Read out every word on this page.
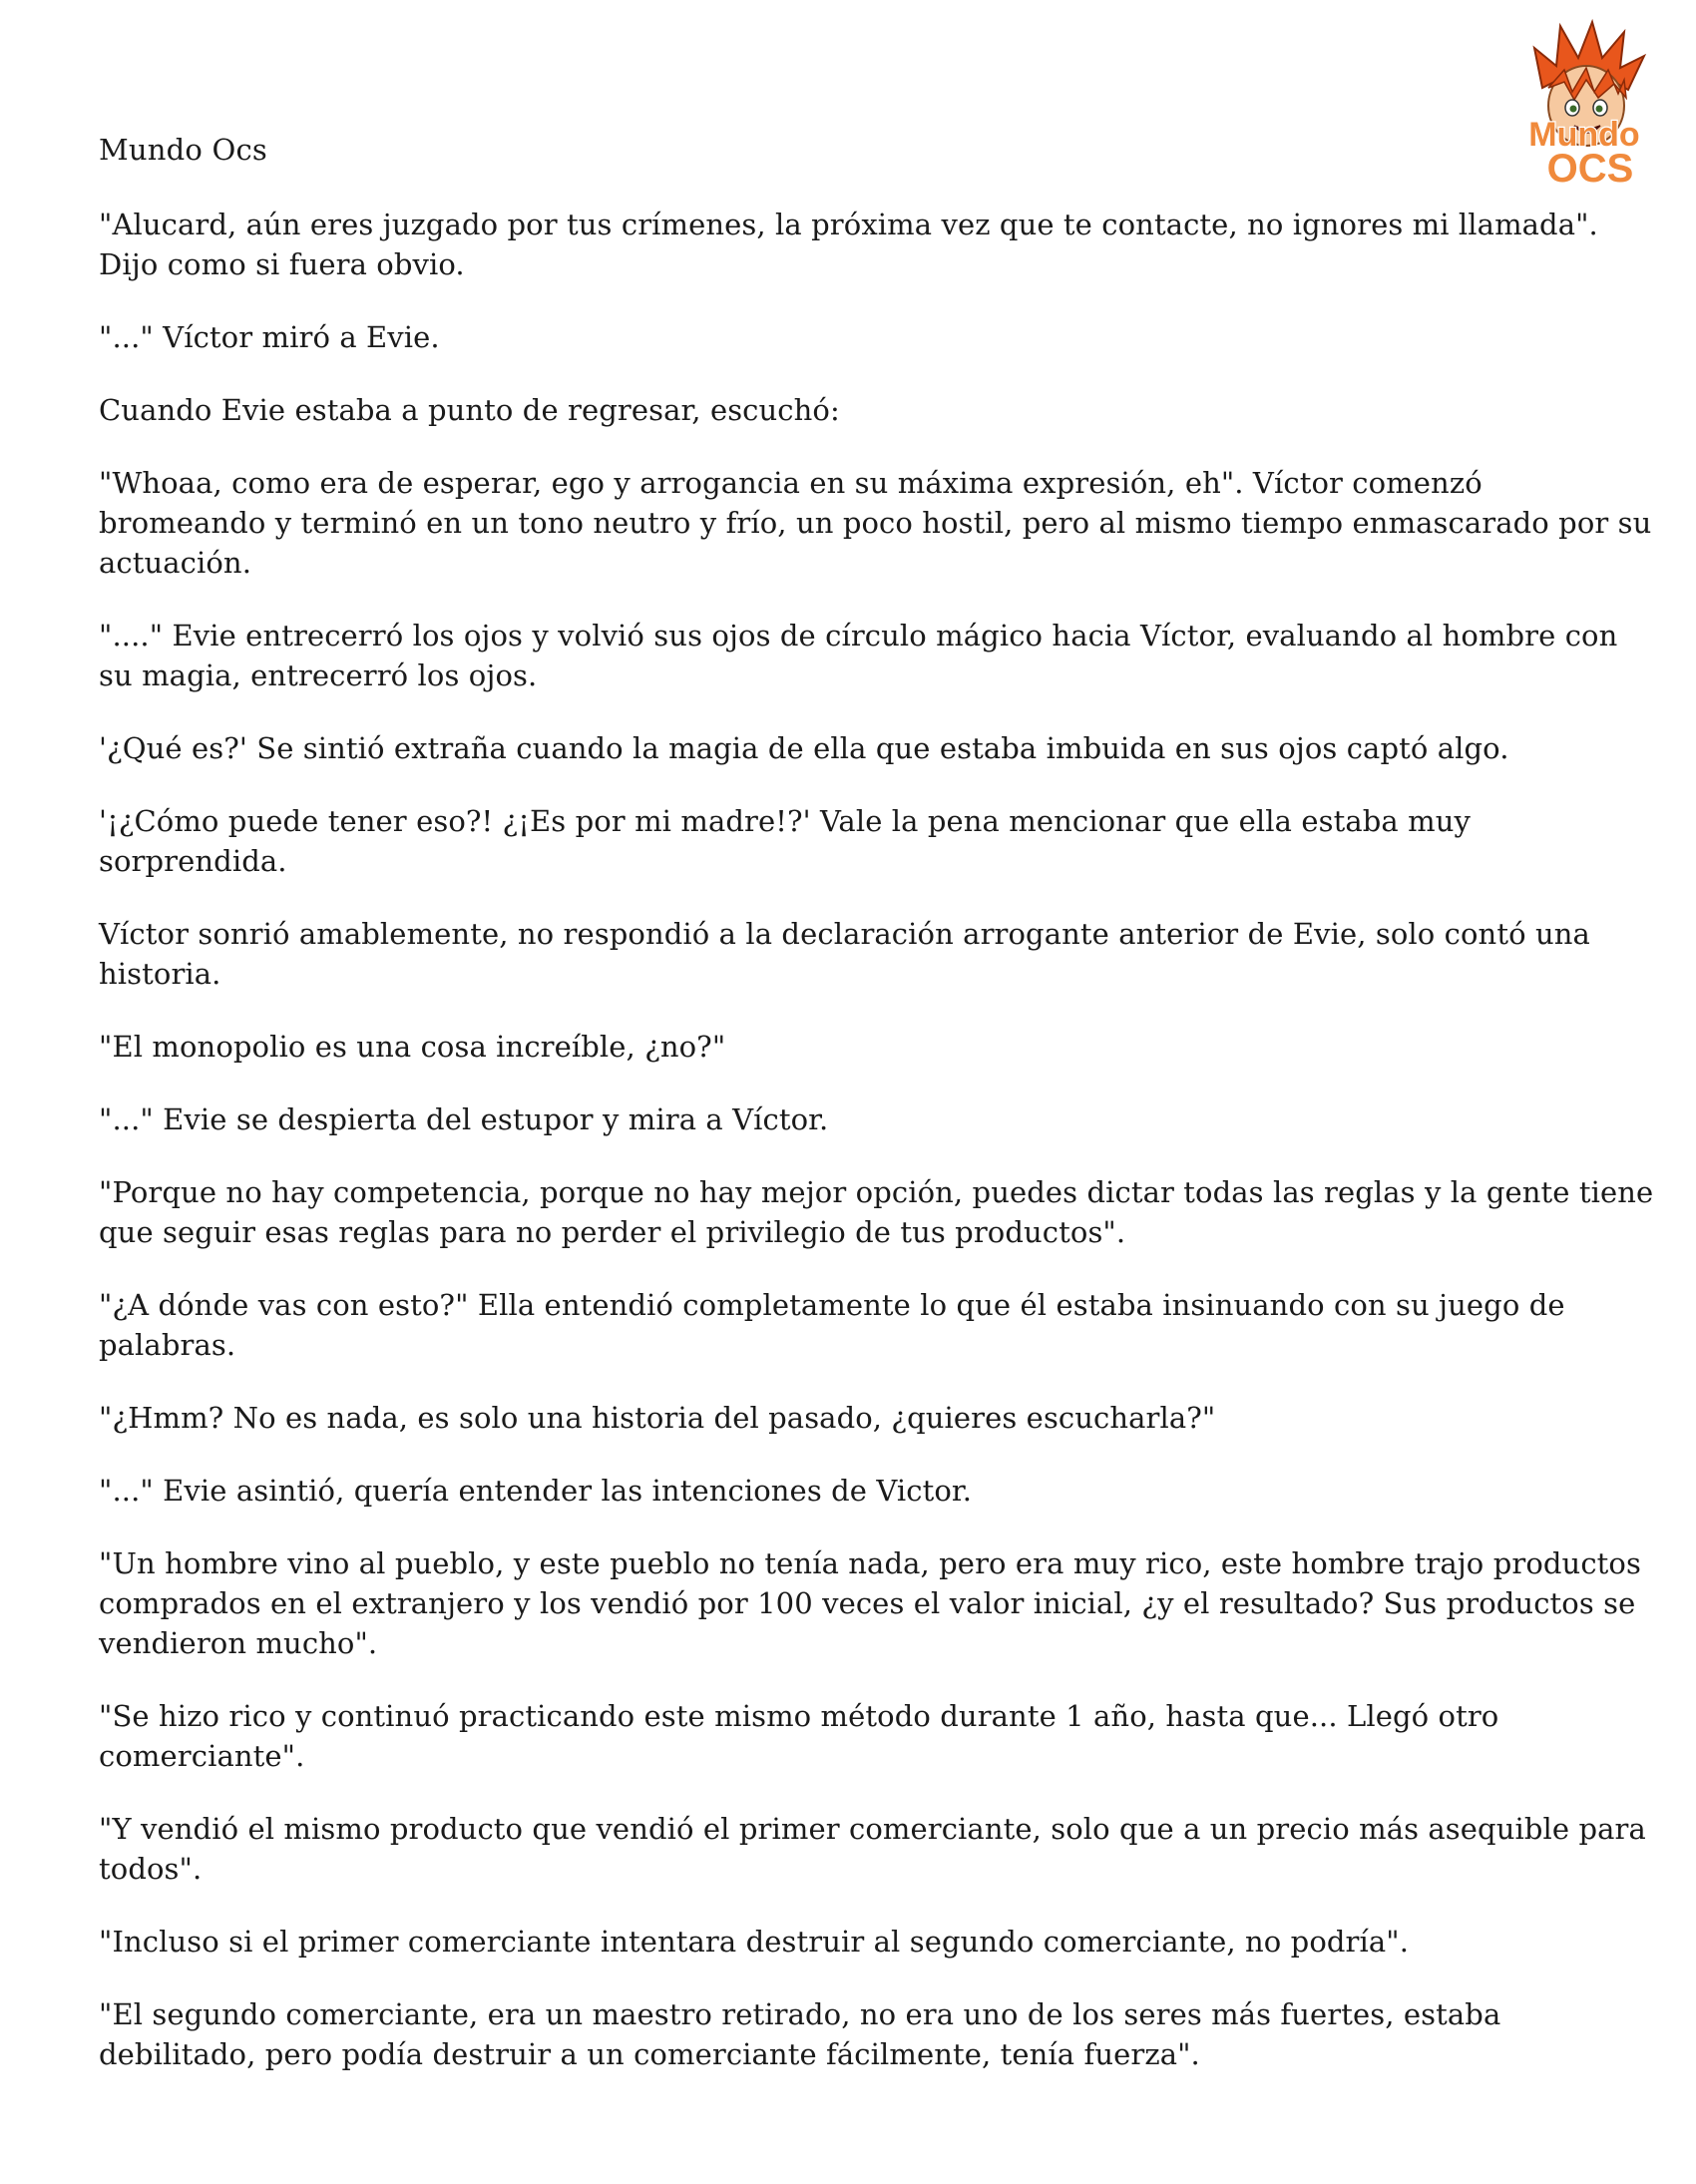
Mundo
OCS
Mundo Ocs

"Alucard, aún eres juzgado por tus crímenes, la próxima vez que te contacte, no ignores mi llamada". Dijo como si fuera obvio.

"..." Víctor miró a Evie.

Cuando Evie estaba a punto de regresar, escuchó:

"Whoaa, como era de esperar, ego y arrogancia en su máxima expresión, eh". Víctor comenzó bromeando y terminó en un tono neutro y frío, un poco hostil, pero al mismo tiempo enmascarado por su actuación.

"...." Evie entrecerró los ojos y volvió sus ojos de círculo mágico hacia Víctor, evaluando al hombre con su magia, entrecerró los ojos.

'¿Qué es?' Se sintió extraña cuando la magia de ella que estaba imbuida en sus ojos captó algo.

'¡¿Cómo puede tener eso?! ¿¡Es por mi madre!?' Vale la pena mencionar que ella estaba muy sorprendida.

Víctor sonrió amablemente, no respondió a la declaración arrogante anterior de Evie, solo contó una historia.

"El monopolio es una cosa increíble, ¿no?"

"..." Evie se despierta del estupor y mira a Víctor.

"Porque no hay competencia, porque no hay mejor opción, puedes dictar todas las reglas y la gente tiene que seguir esas reglas para no perder el privilegio de tus productos".

"¿A dónde vas con esto?" Ella entendió completamente lo que él estaba insinuando con su juego de palabras.

"¿Hmm? No es nada, es solo una historia del pasado, ¿quieres escucharla?"

"..." Evie asintió, quería entender las intenciones de Victor.

"Un hombre vino al pueblo, y este pueblo no tenía nada, pero era muy rico, este hombre trajo productos comprados en el extranjero y los vendió por 100 veces el valor inicial, ¿y el resultado? Sus productos se vendieron mucho".

"Se hizo rico y continuó practicando este mismo método durante 1 año, hasta que... Llegó otro comerciante".

"Y vendió el mismo producto que vendió el primer comerciante, solo que a un precio más asequible para todos".

"Incluso si el primer comerciante intentara destruir al segundo comerciante, no podría".

"El segundo comerciante, era un maestro retirado, no era uno de los seres más fuertes, estaba debilitado, pero podía destruir a un comerciante fácilmente, tenía fuerza".
